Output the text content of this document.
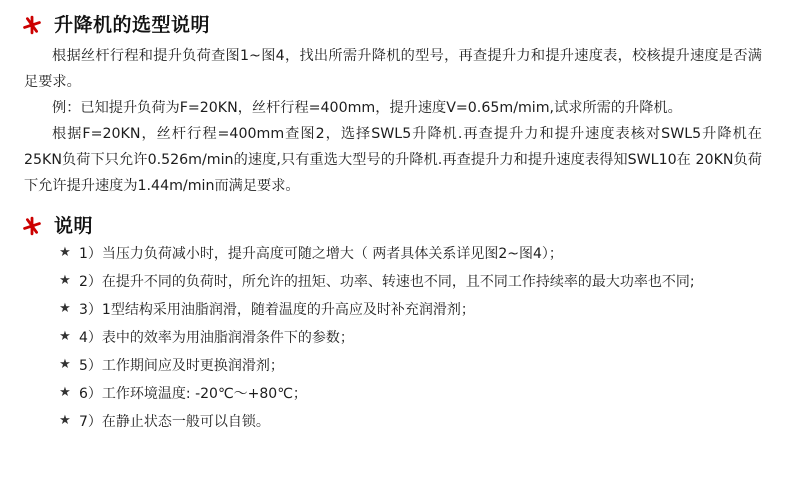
升降机的选型说明

根据丝杆行程和提升负荷查图1~图4，找出所需升降机的型号，再查提升力和提升速度表，校核提升速度是否满足要求。

例：已知提升负荷为F=20KN，丝杆行程=400mm，提升速度V=0.65m/mim,试求所需的升降机。

根据F=20KN，丝杆行程=400mm查图2，选择SWL5升降机.再查提升力和提升速度表核对SWL5升降机在25KN负荷下只允许0.526m/min的速度,只有重选大型号的升降机.再查提升力和提升速度表得知SWL10在 20KN负荷下允许提升速度为1.44m/min而满足要求。

说明
★ 1）当压力负荷减小时，提升高度可随之增大（ 两者具体关系详见图2~图4）；
★ 2）在提升不同的负荷时，所允许的扭矩、功率、转速也不同，且不同工作持续率的最大功率也不同;
★ 3）1型结构采用油脂润滑，随着温度的升高应及时补充润滑剂；
★ 4）表中的效率为用油脂润滑条件下的参数；
★ 5）工作期间应及时更换润滑剂；
★ 6）工作环境温度: -20℃～+80℃；
★ 7）在静止状态一般可以自锁。
